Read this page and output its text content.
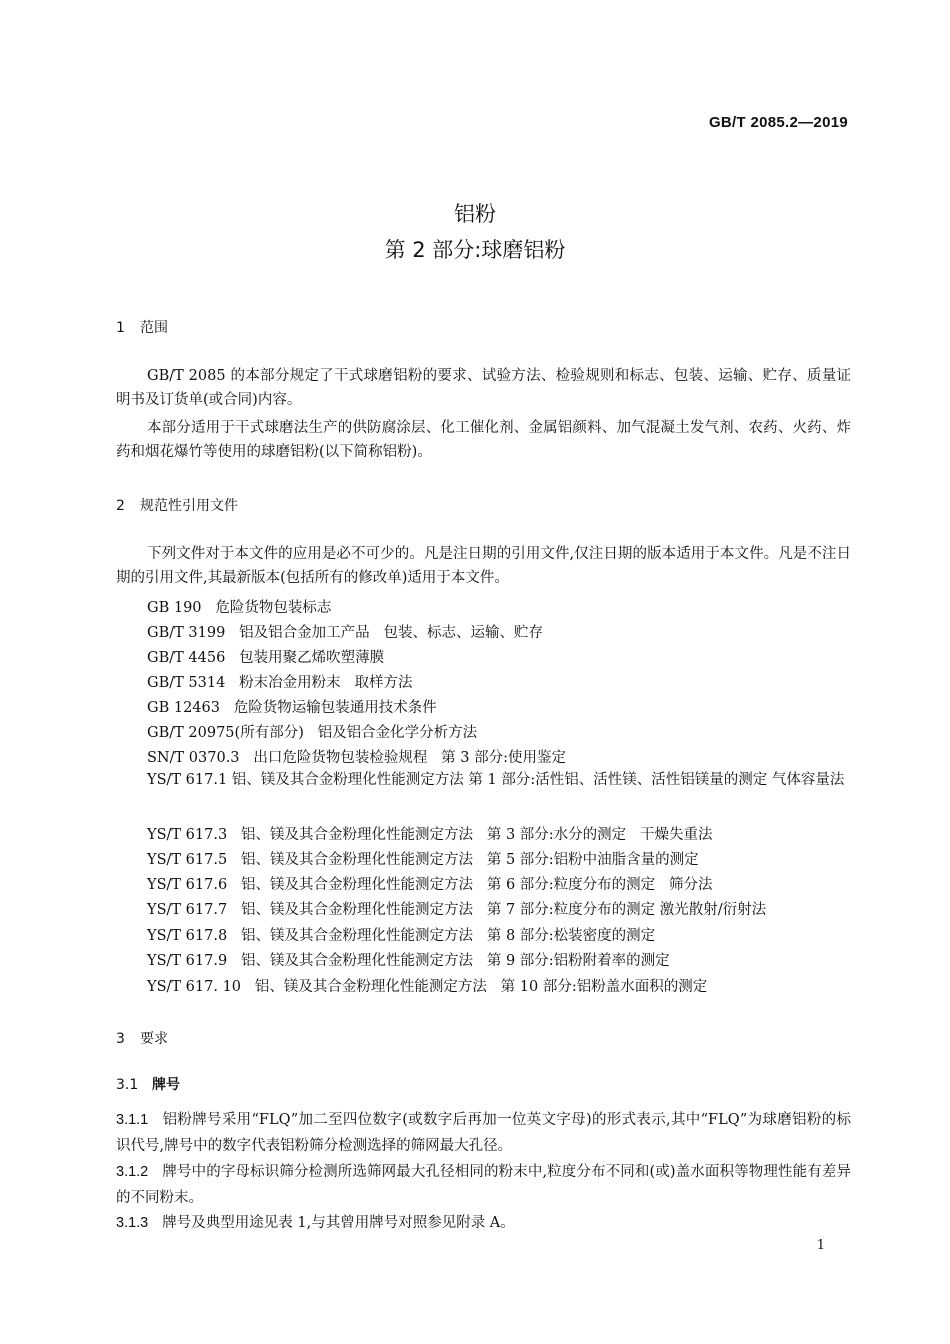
GB/T 2085.2—2019
铝粉
第 2 部分:球磨铝粉
1 范围
GB/T 2085 的本部分规定了干式球磨铝粉的要求、试验方法、检验规则和标志、包装、运输、贮存、质量证明书及订货单(或合同)内容。
本部分适用于干式球磨法生产的供防腐涂层、化工催化剂、金属铝颜料、加气混凝土发气剂、农药、火药、炸药和烟花爆竹等使用的球磨铝粉(以下简称铝粉)。
2 规范性引用文件
下列文件对于本文件的应用是必不可少的。凡是注日期的引用文件,仅注日期的版本适用于本文件。凡是不注日期的引用文件,其最新版本(包括所有的修改单)适用于本文件。
GB 190   危险货物包装标志
GB/T 3199   铝及铝合金加工产品   包装、标志、运输、贮存
GB/T 4456   包装用聚乙烯吹塑薄膜
GB/T 5314   粉末冶金用粉末   取样方法
GB 12463   危险货物运输包装通用技术条件
GB/T 20975(所有部分)   铝及铝合金化学分析方法
SN/T 0370.3   出口危险货物包装检验规程   第 3 部分:使用鉴定
YS/T 617.1 铝、镁及其合金粉理化性能测定方法 第 1 部分:活性铝、活性镁、活性铝镁量的测定 气体容量法
YS/T 617.3   铝、镁及其合金粉理化性能测定方法   第 3 部分:水分的测定   干燥失重法
YS/T 617.5   铝、镁及其合金粉理化性能测定方法   第 5 部分:铝粉中油脂含量的测定
YS/T 617.6   铝、镁及其合金粉理化性能测定方法   第 6 部分:粒度分布的测定   筛分法
YS/T 617.7   铝、镁及其合金粉理化性能测定方法   第 7 部分:粒度分布的测定 激光散射/衍射法
YS/T 617.8   铝、镁及其合金粉理化性能测定方法   第 8 部分:松装密度的测定
YS/T 617.9   铝、镁及其合金粉理化性能测定方法   第 9 部分:铝粉附着率的测定
YS/T 617. 10   铝、镁及其合金粉理化性能测定方法   第 10 部分:铝粉盖水面积的测定
3 要求
3.1 牌号
3.1.1 铝粉牌号采用“FLQ”加二至四位数字(或数字后再加一位英文字母)的形式表示,其中“FLQ”为球磨铝粉的标识代号,牌号中的数字代表铝粉筛分检测选择的筛网最大孔径。
3.1.2 牌号中的字母标识筛分检测所选筛网最大孔径相同的粉末中,粒度分布不同和(或)盖水面积等物理性能有差异的不同粉末。
3.1.3 牌号及典型用途见表 1,与其曾用牌号对照参见附录 A。
1
